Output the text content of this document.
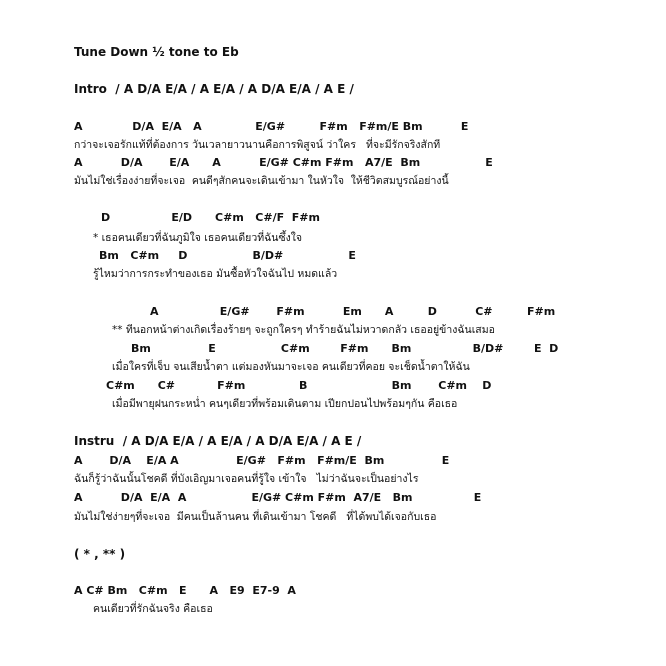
Tune Down ½ tone to Eb
Intro  / A D/A E/A / A E/A / A D/A E/A / A E /
A             D/A  E/A   A              E/G#         F#m   F#m/E Bm          E
กว่าจะเจอรักแท้ที่ต้องการ วันเวลายาวนานคือการพิสูจน์ ว่าใคร   ที่จะมีรักจริงสักที
A          D/A       E/A      A          E/G# C#m F#m   A7/E  Bm                 E
มันไม่ใช่เรื่องง่ายที่จะเจอ  คนดีๆสักคนจะเดินเข้ามา ในหัวใจ  ให้ชีวิตสมบูรณ์อย่างนี้
D                E/D      C#m   C#/F  F#m
* เธอคนเดียวที่ฉันภูมิใจ เธอคนเดียวที่ฉันซึ้งใจ
Bm   C#m     D                 B/D#                 E
รู้ไหมว่าการกระทำของเธอ มันซื้อหัวใจฉันไป หมดแล้ว
A                E/G#       F#m          Em      A         D          C#         F#m
** ทีนอกหน้าต่างเกิดเรื่องร้ายๆ จะถูกใครๆ ทำร้ายฉันไม่หวาดกลัว เธออยู่ข้างฉันเสมอ
Bm               E                 C#m        F#m      Bm                B/D#        E  D
เมื่อใครที่เจ็บ จนเสียน้ำตา แต่มองหันมาจะเจอ คนเดียวที่คอย จะเช็ดน้ำตาให้ฉัน
C#m      C#           F#m              B                      Bm       C#m    D
เมื่อมีพายุฝนกระหน่ำ คนๆเดียวที่พร้อมเดินตาม เปียกปอนไปพร้อมๆกัน คือเธอ
Instru  / A D/A E/A / A E/A / A D/A E/A / A E /
A       D/A    E/A A               E/G#   F#m   F#m/E  Bm               E
ฉันก็รู้ว่าฉันนั้นโชคดี ที่บังเอิญมาเจอคนที่รู้ใจ เข้าใจ   ไม่ว่าฉันจะเป็นอย่างไร
A          D/A  E/A  A                 E/G# C#m F#m  A7/E   Bm                E
มันไม่ใช่ง่ายๆที่จะเจอ  มีคนเป็นล้านคน ที่เดินเข้ามา โชคดี   ที่ได้พบได้เจอกับเธอ
( * , ** )
A C# Bm   C#m   E      A   E9  E7-9  A
คนเดียวที่รักฉันจริง คือเธอ
